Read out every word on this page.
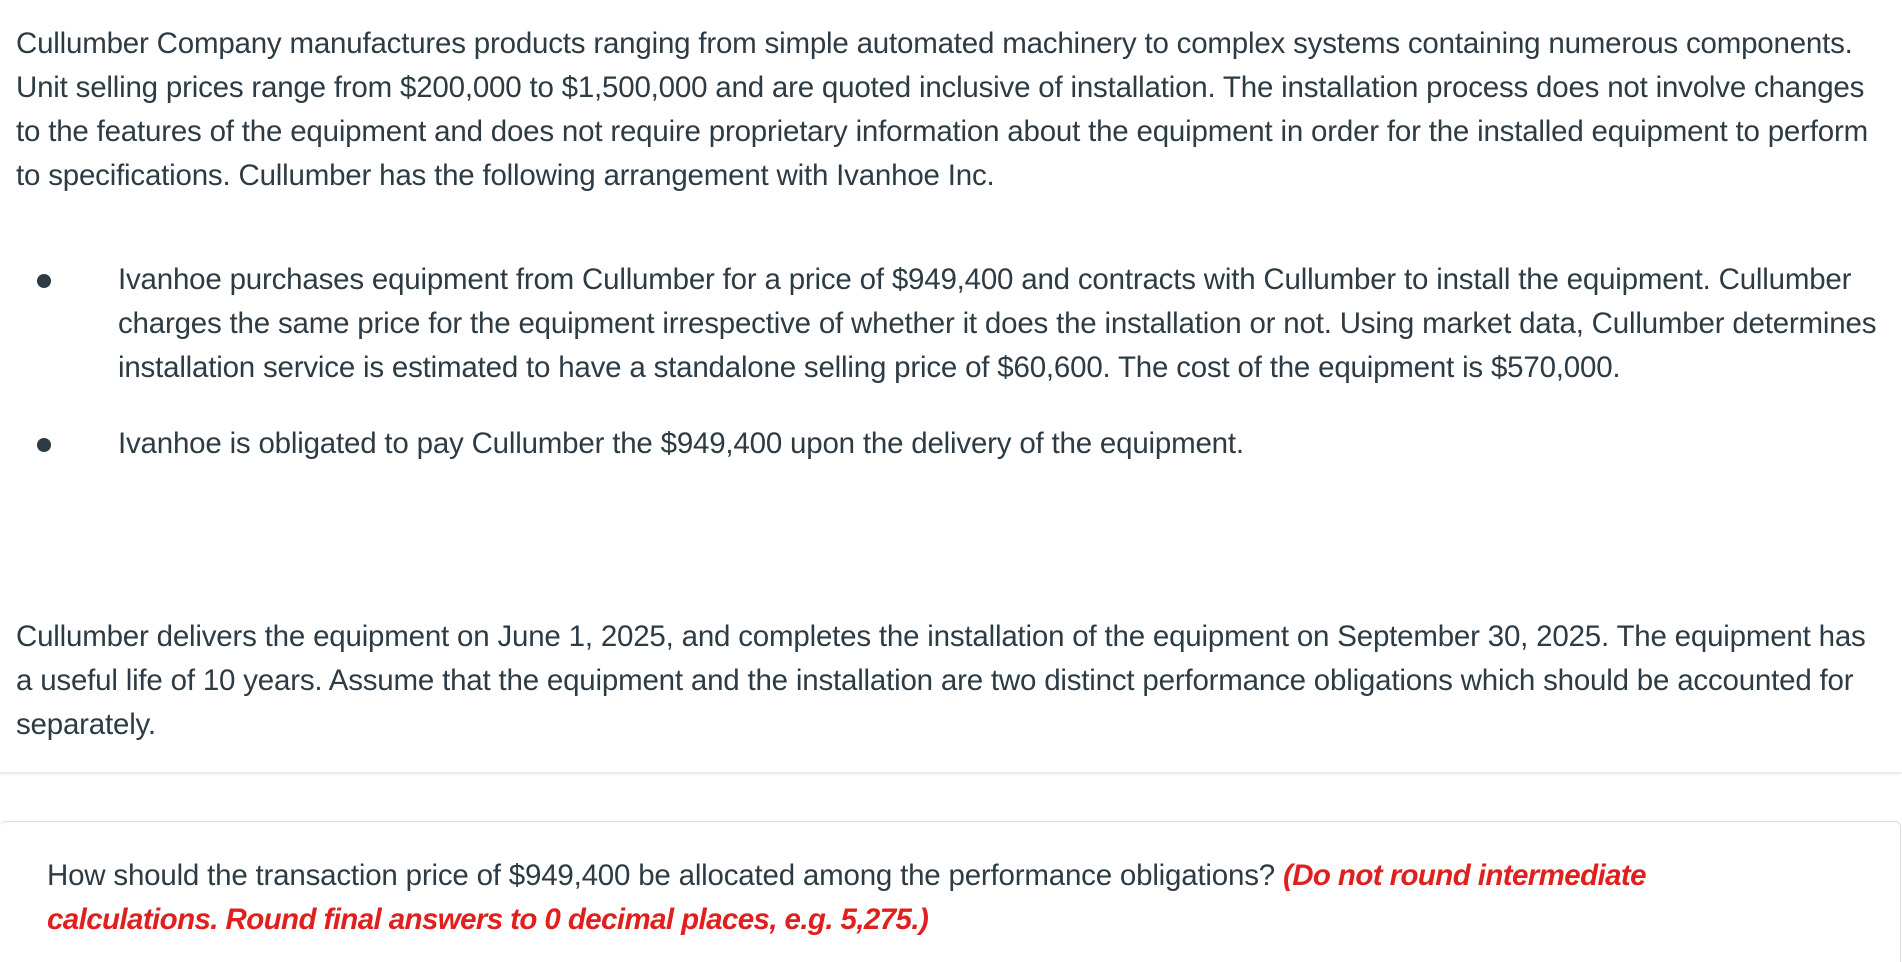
Cullumber Company manufactures products ranging from simple automated machinery to complex systems containing numerous components. Unit selling prices range from $200,000 to $1,500,000 and are quoted inclusive of installation. The installation process does not involve changes to the features of the equipment and does not require proprietary information about the equipment in order for the installed equipment to perform to specifications. Cullumber has the following arrangement with Ivanhoe Inc.

Ivanhoe purchases equipment from Cullumber for a price of $949,400 and contracts with Cullumber to install the equipment. Cullumber charges the same price for the equipment irrespective of whether it does the installation or not. Using market data, Cullumber determines installation service is estimated to have a standalone selling price of $60,600. The cost of the equipment is $570,000.
Ivanhoe is obligated to pay Cullumber the $949,400 upon the delivery of the equipment.

Cullumber delivers the equipment on June 1, 2025, and completes the installation of the equipment on September 30, 2025. The equipment has a useful life of 10 years. Assume that the equipment and the installation are two distinct performance obligations which should be accounted for separately.

How should the transaction price of $949,400 be allocated among the performance obligations? (Do not round intermediate calculations. Round final answers to 0 decimal places, e.g. 5,275.)
